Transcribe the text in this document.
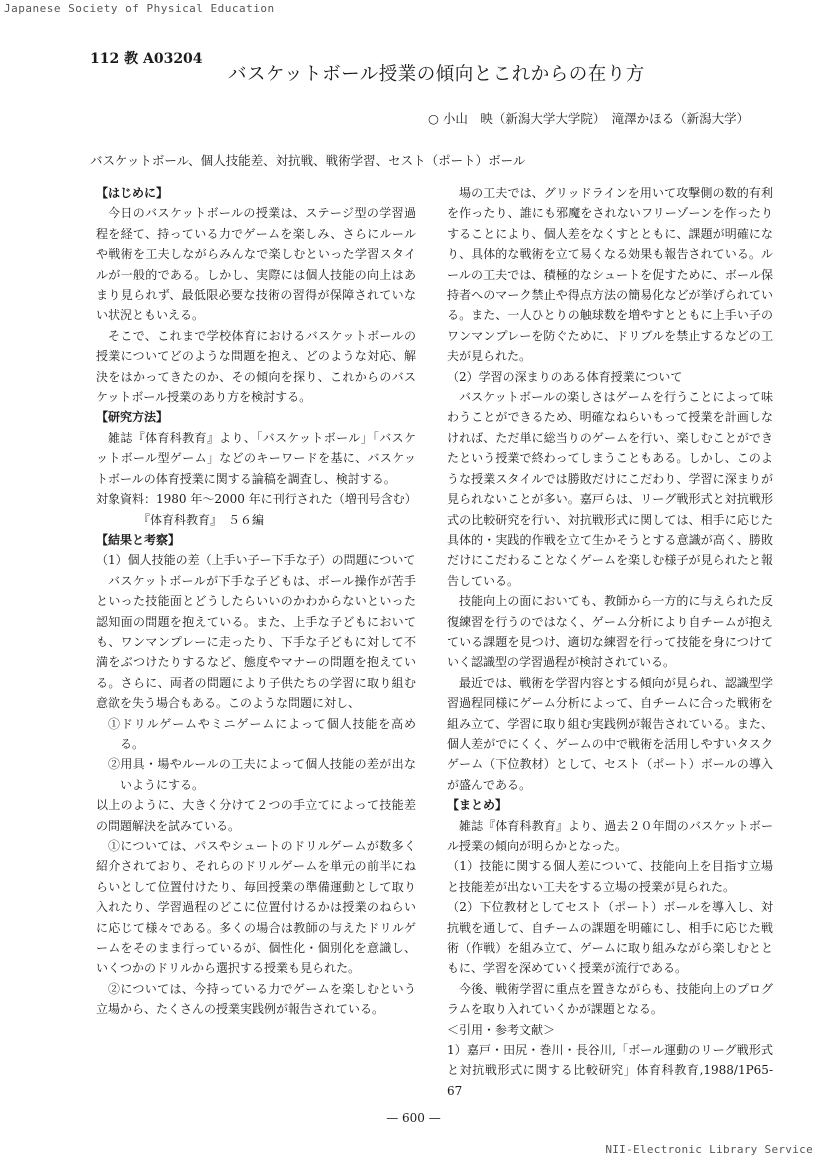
Japanese Society of Physical Education
112 教 A03204
バスケットボール授業の傾向とこれからの在り方
○ 小山　映（新潟大学大学院）　滝澤かほる（新潟大学）
バスケットボール、個人技能差、対抗戦、戦術学習、セスト（ポート）ボール

【はじめに】

今日のバスケットボールの授業は、ステージ型の学習過程を経て、持っている力でゲームを楽しみ、さらにルールや戦術を工夫しながらみんなで楽しむといった学習スタイルが一般的である。しかし、実際には個人技能の向上はあまり見られず、最低限必要な技術の習得が保障されていない状況ともいえる。

そこで、これまで学校体育におけるバスケットボールの授業についてどのような問題を抱え、どのような対応、解決をはかってきたのか、その傾向を探り、これからのバスケットボール授業のあり方を検討する。

【研究方法】

雑誌『体育科教育』より、「バスケットボール」「バスケットボール型ゲーム」などのキーワードを基に、バスケットボールの体育授業に関する論稿を調査し、検討する。

対象資料：1980 年〜2000 年に刊行された（増刊号含む）

　　　『体育科教育』　５６編

【結果と考察】

（1）個人技能の差（上手い子ー下手な子）の問題について

バスケットボールが下手な子どもは、ボール操作が苦手といった技能面とどうしたらいいのかわからないといった認知面の問題を抱えている。また、上手な子どもにおいても、ワンマンプレーに走ったり、下手な子どもに対して不満をぶつけたりするなど、態度やマナーの問題を抱えている。さらに、両者の問題により子供たちの学習に取り組む意欲を失う場合もある。このような問題に対し、

①ドリルゲームやミニゲームによって個人技能を高める。

②用具・場やルールの工夫によって個人技能の差が出ないようにする。

以上のように、大きく分けて２つの手立てによって技能差の問題解決を試みている。

①については、パスやシュートのドリルゲームが数多く紹介されており、それらのドリルゲームを単元の前半にねらいとして位置付けたり、毎回授業の準備運動として取り入れたり、学習過程のどこに位置付けるかは授業のねらいに応じて様々である。多くの場合は教師の与えたドリルゲームをそのまま行っているが、個性化・個別化を意識し、いくつかのドリルから選択する授業も見られた。

②については、今持っている力でゲームを楽しむという立場から、たくさんの授業実践例が報告されている。

場の工夫では、グリッドラインを用いて攻撃側の数的有利を作ったり、誰にも邪魔をされないフリーゾーンを作ったりすることにより、個人差をなくすとともに、課題が明確になり、具体的な戦術を立て易くなる効果も報告されている。ルールの工夫では、積極的なシュートを促すために、ボール保持者へのマーク禁止や得点方法の簡易化などが挙げられている。また、一人ひとりの触球数を増やすとともに上手い子のワンマンプレーを防ぐために、ドリブルを禁止するなどの工夫が見られた。

（2）学習の深まりのある体育授業について

バスケットボールの楽しさはゲームを行うことによって味わうことができるため、明確なねらいもって授業を計画しなければ、ただ単に総当りのゲームを行い、楽しむことができたという授業で終わってしまうこともある。しかし、このような授業スタイルでは勝敗だけにこだわり、学習に深まりが見られないことが多い。嘉戸らは、リーグ戦形式と対抗戦形式の比較研究を行い、対抗戦形式に関しては、相手に応じた具体的・実践的作戦を立て生かそうとする意識が高く、勝敗だけにこだわることなくゲームを楽しむ様子が見られたと報告している。

技能向上の面においても、教師から一方的に与えられた反復練習を行うのではなく、ゲーム分析により自チームが抱えている課題を見つけ、適切な練習を行って技能を身につけていく認識型の学習過程が検討されている。

最近では、戦術を学習内容とする傾向が見られ、認識型学習過程同様にゲーム分析によって、自チームに合った戦術を組み立て、学習に取り組む実践例が報告されている。また、個人差がでにくく、ゲームの中で戦術を活用しやすいタスクゲーム（下位教材）として、セスト（ポート）ボールの導入が盛んである。

【まとめ】

雑誌『体育科教育』より、過去２０年間のバスケットボール授業の傾向が明らかとなった。

（1）技能に関する個人差について、技能向上を目指す立場と技能差が出ない工夫をする立場の授業が見られた。

（2）下位教材としてセスト（ポート）ボールを導入し、対抗戦を通して、自チームの課題を明確にし、相手に応じた戦術（作戦）を組み立て、ゲームに取り組みながら楽しむとともに、学習を深めていく授業が流行である。

今後、戦術学習に重点を置きながらも、技能向上のプログラムを取り入れていくかが課題となる。

＜引用・参考文献＞

1）嘉戸・田尻・巻川・長谷川,「ボール運動のリーグ戦形式と対抗戦形式に関する比較研究」体育科教育,1988/1P65-67

— 600 —
NII-Electronic Library Service
